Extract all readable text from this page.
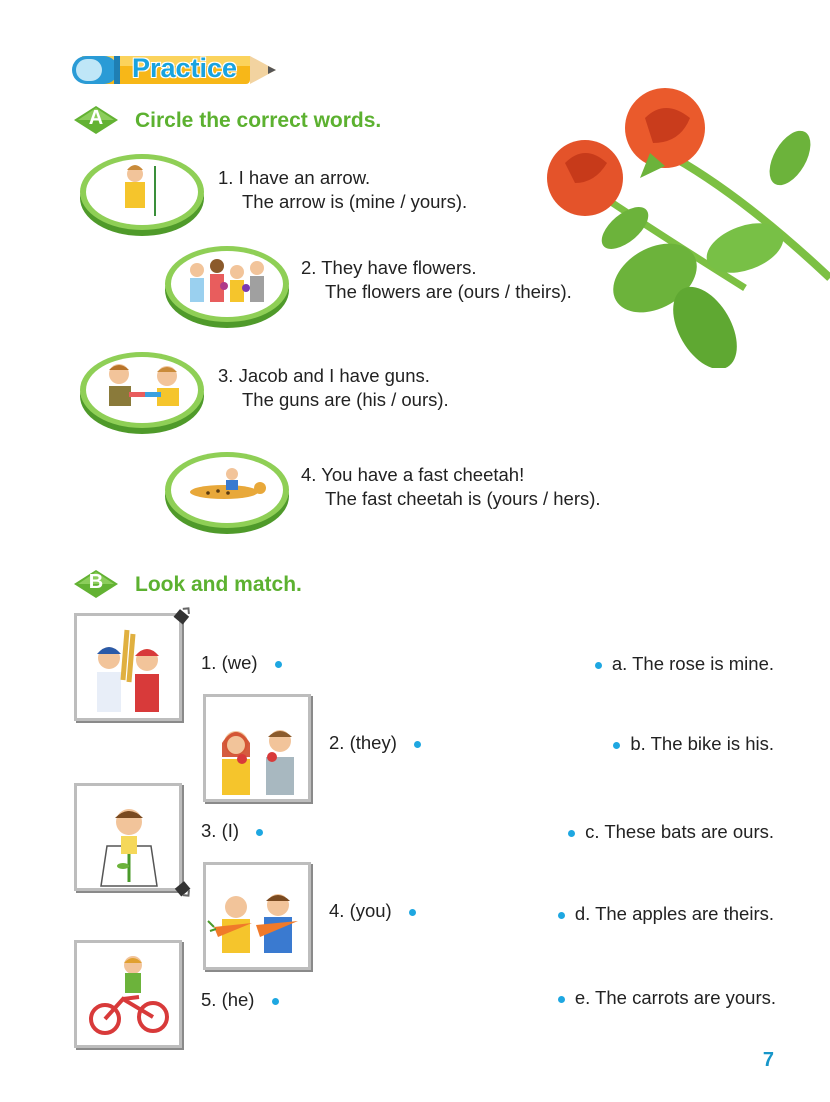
Practice
A	Circle the correct words.
1. I have an arrow.
The arrow is (mine / yours).
2. They have flowers.
The flowers are (ours / theirs).
3. Jacob and I have guns.
The guns are (his / ours).
4. You have a fast cheetah!
The fast cheetah is (yours / hers).
B	Look and match.
1. (we)
2. (they)
3. (I)
4. (you)
5. (he)
a. The rose is mine.
b. The bike is his.
c. These bats are ours.
d. The apples are theirs.
e. The carrots are yours.
7
